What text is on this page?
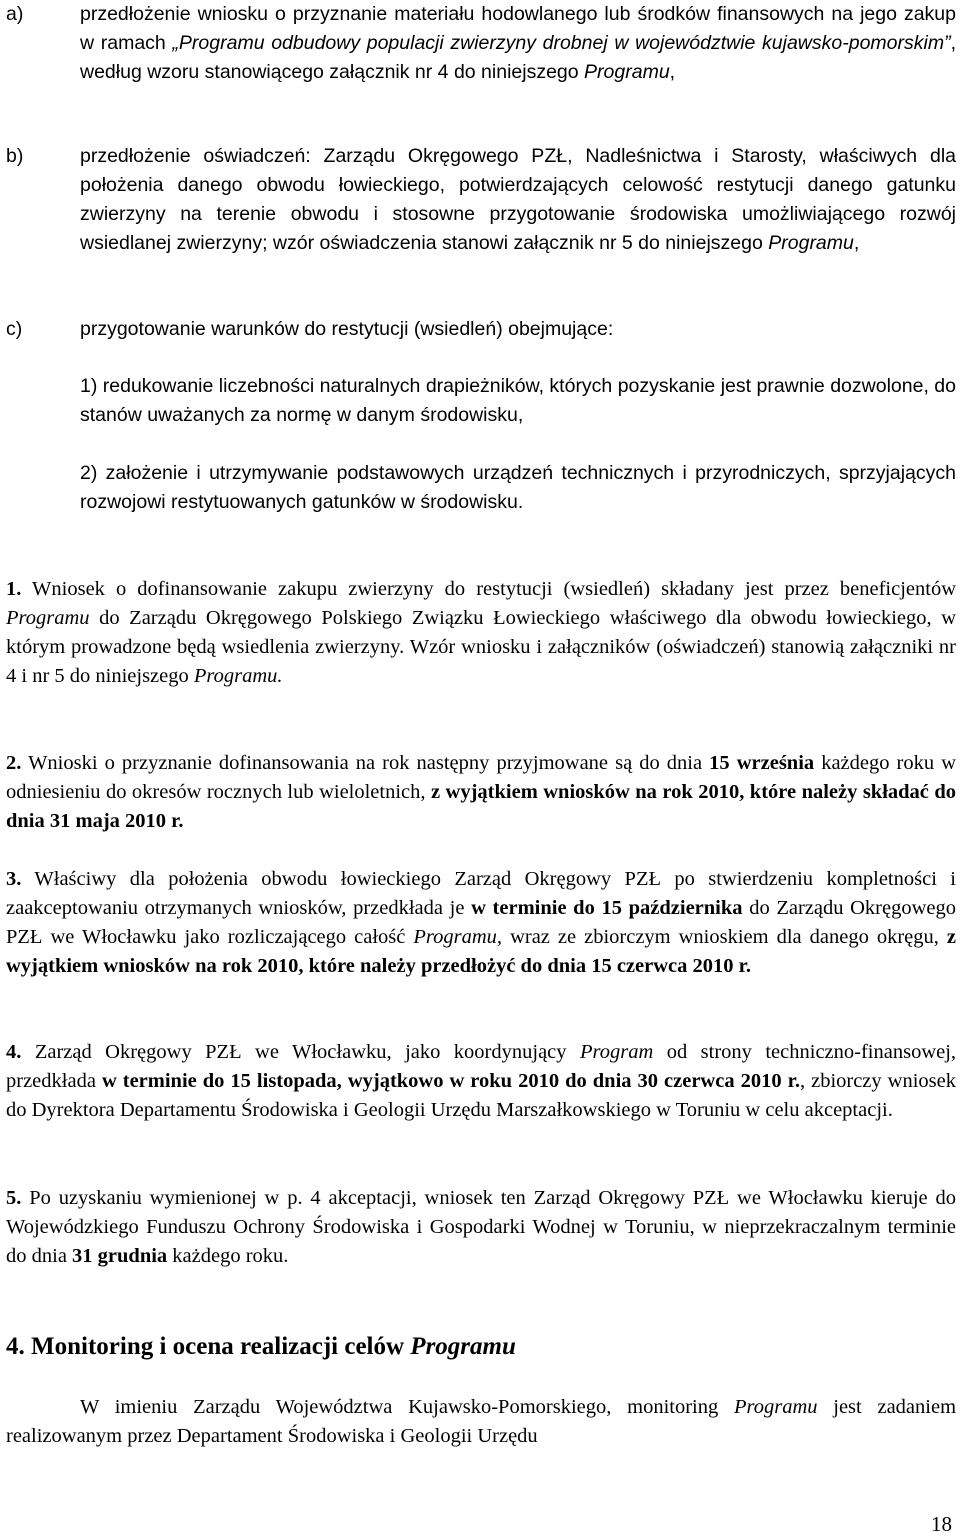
a)	przedłożenie wniosku o przyznanie materiału hodowlanego lub środków finansowych na jego zakup w ramach „Programu odbudowy populacji zwierzyny drobnej w województwie kujawsko-pomorskim”, według wzoru stanowiącego załącznik nr 4 do niniejszego Programu,
b)	przedłożenie oświadczeń: Zarządu Okręgowego PZŁ, Nadleśnictwa i Starosty, właściwych dla położenia danego obwodu łowieckiego, potwierdzających celowość restytucji danego gatunku zwierzyny na terenie obwodu i stosowne przygotowanie środowiska umożliwiającego rozwój wsiedlanej zwierzyny; wzór oświadczenia stanowi załącznik nr 5 do niniejszego Programu,
c)	przygotowanie warunków do restytucji (wsiedleń) obejmujące:
1) redukowanie liczebności naturalnych drapieżników, których pozyskanie jest prawnie dozwolone, do stanów uważanych za normę w danym środowisku,
2) założenie i utrzymywanie podstawowych urządzeń technicznych i przyrodniczych, sprzyjających rozwojowi restytuowanych gatunków w środowisku.

1. Wniosek o dofinansowanie zakupu zwierzyny do restytucji (wsiedleń) składany jest przez beneficjentów Programu do Zarządu Okręgowego Polskiego Związku Łowieckiego właściwego dla obwodu łowieckiego, w którym prowadzone będą wsiedlenia zwierzyny. Wzór wniosku i załączników (oświadczeń) stanowią załączniki nr 4 i nr 5 do niniejszego Programu.

2. Wnioski o przyznanie dofinansowania na rok następny przyjmowane są do dnia 15 września każdego roku w odniesieniu do okresów rocznych lub wieloletnich, z wyjątkiem wniosków na rok 2010, które należy składać do dnia 31 maja 2010 r.

3. Właściwy dla położenia obwodu łowieckiego Zarząd Okręgowy PZŁ po stwierdzeniu kompletności i zaakceptowaniu otrzymanych wniosków, przedkłada je w terminie do 15 października do Zarządu Okręgowego PZŁ we Włocławku jako rozliczającego całość Programu, wraz ze zbiorczym wnioskiem dla danego okręgu, z wyjątkiem wniosków na rok 2010, które należy przedłożyć do dnia 15 czerwca 2010 r.

4. Zarząd Okręgowy PZŁ we Włocławku, jako koordynujący Program od strony techniczno-finansowej, przedkłada w terminie do 15 listopada, wyjątkowo w roku 2010 do dnia 30 czerwca 2010 r., zbiorczy wniosek do Dyrektora Departamentu Środowiska i Geologii Urzędu Marszałkowskiego w Toruniu w celu akceptacji.

5. Po uzyskaniu wymienionej w p. 4 akceptacji, wniosek ten Zarząd Okręgowy PZŁ we Włocławku kieruje do Wojewódzkiego Funduszu Ochrony Środowiska i Gospodarki Wodnej w Toruniu, w nieprzekraczalnym terminie do dnia 31 grudnia każdego roku.

4. Monitoring i ocena realizacji celów Programu

W imieniu Zarządu Województwa Kujawsko-Pomorskiego, monitoring Programu jest zadaniem realizowanym przez Departament Środowiska i Geologii Urzędu

18
